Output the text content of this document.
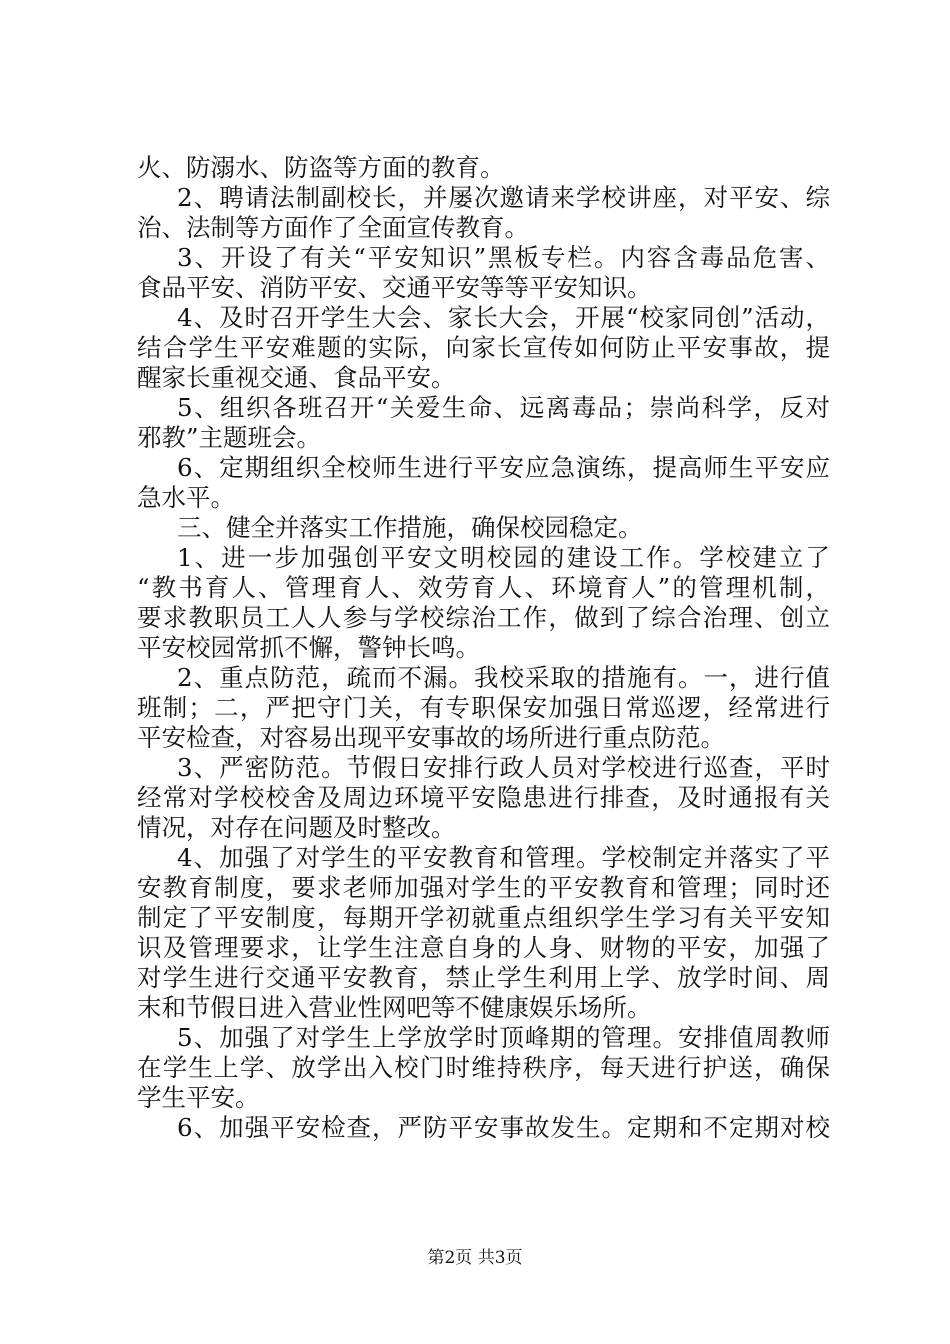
火、防溺水、防盗等方面的教育。
2、聘请法制副校长，并屡次邀请来学校讲座，对平安、综
治、法制等方面作了全面宣传教育。
3、开设了有关“平安知识”黑板专栏。内容含毒品危害、
食品平安、消防平安、交通平安等等平安知识。
4、及时召开学生大会、家长大会，开展“校家同创”活动，
结合学生平安难题的实际，向家长宣传如何防止平安事故，提
醒家长重视交通、食品平安。
5、组织各班召开“关爱生命、远离毒品；崇尚科学，反对
邪教”主题班会。
6、定期组织全校师生进行平安应急演练，提高师生平安应
急水平。
三、健全并落实工作措施，确保校园稳定。
1、进一步加强创平安文明校园的建设工作。学校建立了
“教书育人、管理育人、效劳育人、环境育人”的管理机制，
要求教职员工人人参与学校综治工作，做到了综合治理、创立
平安校园常抓不懈，警钟长鸣。
2、重点防范，疏而不漏。我校采取的措施有。一，进行值
班制；二，严把守门关，有专职保安加强日常巡逻，经常进行
平安检查，对容易出现平安事故的场所进行重点防范。
3、严密防范。节假日安排行政人员对学校进行巡查，平时
经常对学校校舍及周边环境平安隐患进行排查，及时通报有关
情况，对存在问题及时整改。
4、加强了对学生的平安教育和管理。学校制定并落实了平
安教育制度，要求老师加强对学生的平安教育和管理；同时还
制定了平安制度，每期开学初就重点组织学生学习有关平安知
识及管理要求，让学生注意自身的人身、财物的平安，加强了
对学生进行交通平安教育，禁止学生利用上学、放学时间、周
末和节假日进入营业性网吧等不健康娱乐场所。
5、加强了对学生上学放学时顶峰期的管理。安排值周教师
在学生上学、放学出入校门时维持秩序，每天进行护送，确保
学生平安。
6、加强平安检查，严防平安事故发生。定期和不定期对校
第2页 共3页
